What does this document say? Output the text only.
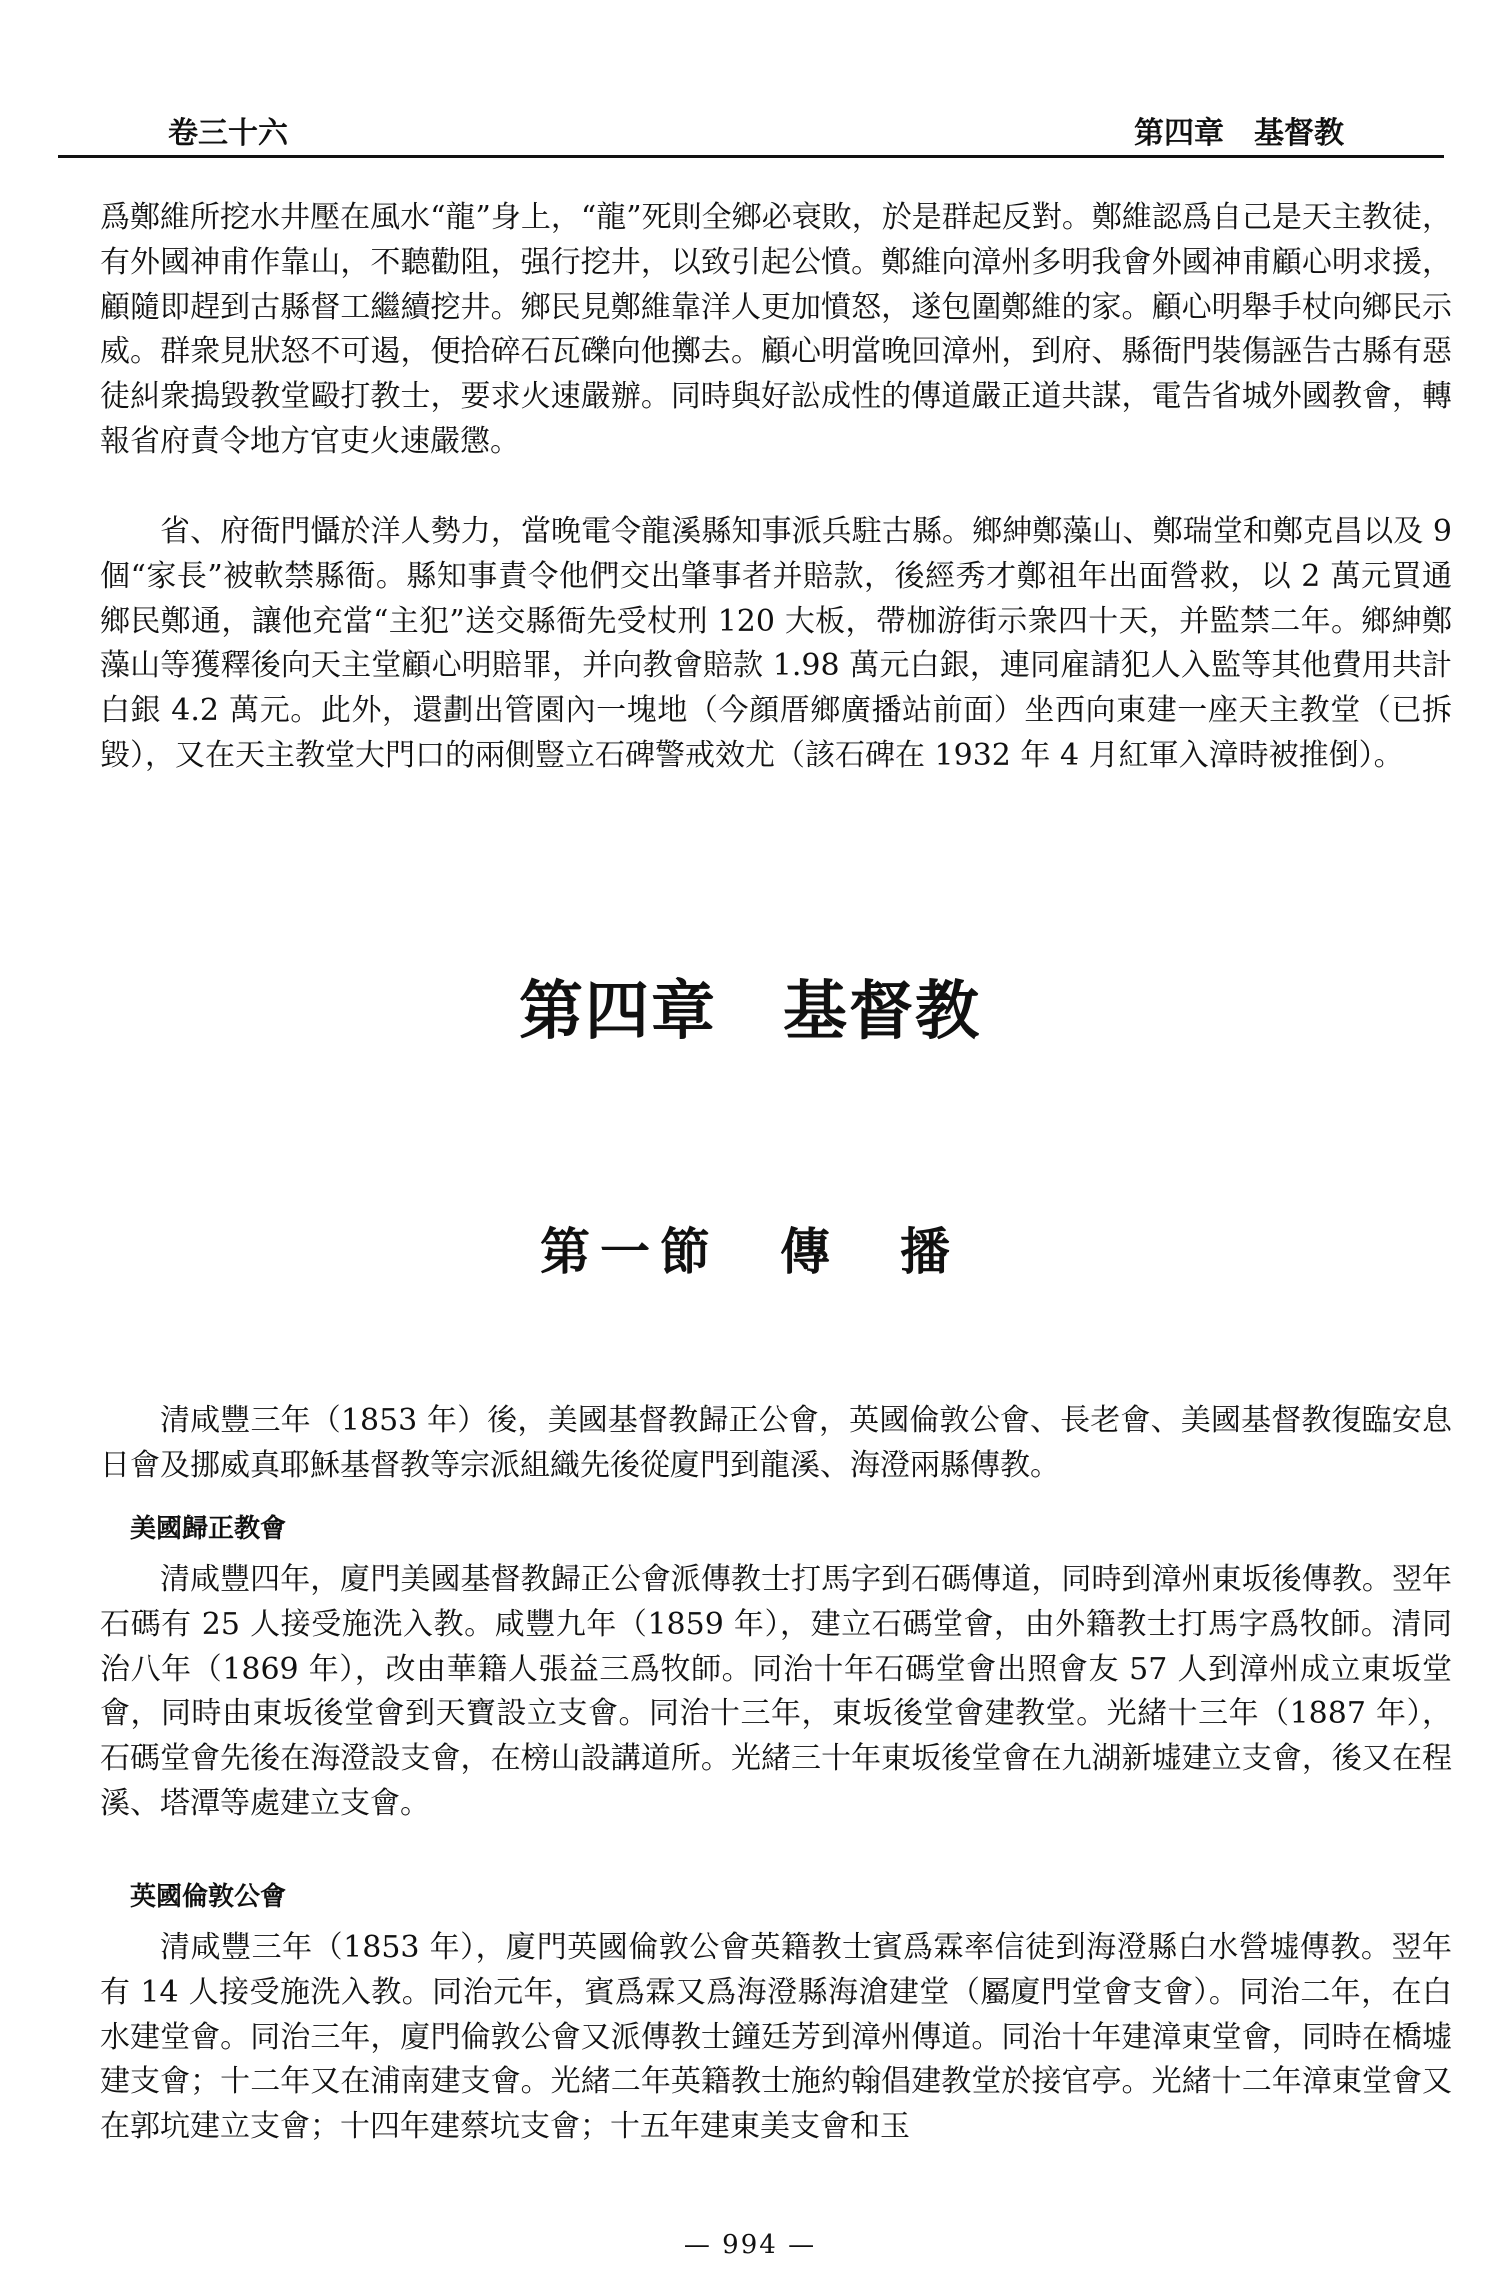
卷三十六	第四章　基督教

爲鄭維所挖水井壓在風水“龍”身上，“龍”死則全鄉必衰敗，於是群起反對。鄭維認爲自己是天主教徒，有外國神甫作靠山，不聽勸阻，强行挖井，以致引起公憤。鄭維向漳州多明我會外國神甫顧心明求援，顧隨即趕到古縣督工繼續挖井。鄉民見鄭維靠洋人更加憤怒，遂包圍鄭維的家。顧心明舉手杖向鄉民示威。群衆見狀怒不可遏，便拾碎石瓦礫向他擲去。顧心明當晚回漳州，到府、縣衙門裝傷誣告古縣有惡徒糾衆搗毀教堂毆打教士，要求火速嚴辦。同時與好訟成性的傳道嚴正道共謀，電告省城外國教會，轉報省府責令地方官吏火速嚴懲。

省、府衙門懾於洋人勢力，當晚電令龍溪縣知事派兵駐古縣。鄉紳鄭藻山、鄭瑞堂和鄭克昌以及 9 個“家長”被軟禁縣衙。縣知事責令他們交出肇事者并賠款，後經秀才鄭祖年出面營救，以 2 萬元買通鄉民鄭通，讓他充當“主犯”送交縣衙先受杖刑 120 大板，帶枷游街示衆四十天，并監禁二年。鄉紳鄭藻山等獲釋後向天主堂顧心明賠罪，并向教會賠款 1.98 萬元白銀，連同雇請犯人入監等其他費用共計白銀 4.2 萬元。此外，還劃出管園內一塊地（今顔厝鄉廣播站前面）坐西向東建一座天主教堂（已拆毀），又在天主教堂大門口的兩側豎立石碑警戒效尤（該石碑在 1932 年 4 月紅軍入漳時被推倒）。

第四章　基督教
第一節　傳　播

清咸豐三年（1853 年）後，美國基督教歸正公會，英國倫敦公會、長老會、美國基督教復臨安息日會及挪威真耶穌基督教等宗派組織先後從廈門到龍溪、海澄兩縣傳教。

美國歸正教會

清咸豐四年，廈門美國基督教歸正公會派傳教士打馬字到石碼傳道，同時到漳州東坂後傳教。翌年石碼有 25 人接受施洗入教。咸豐九年（1859 年），建立石碼堂會，由外籍教士打馬字爲牧師。清同治八年（1869 年），改由華籍人張益三爲牧師。同治十年石碼堂會出照會友 57 人到漳州成立東坂堂會，同時由東坂後堂會到天寶設立支會。同治十三年，東坂後堂會建教堂。光緒十三年（1887 年），石碼堂會先後在海澄設支會，在榜山設講道所。光緒三十年東坂後堂會在九湖新墟建立支會，後又在程溪、塔潭等處建立支會。

英國倫敦公會

清咸豐三年（1853 年），廈門英國倫敦公會英籍教士賓爲霖率信徒到海澄縣白水營墟傳教。翌年有 14 人接受施洗入教。同治元年，賓爲霖又爲海澄縣海滄建堂（屬廈門堂會支會）。同治二年，在白水建堂會。同治三年，廈門倫敦公會又派傳教士鐘廷芳到漳州傳道。同治十年建漳東堂會，同時在橋墟建支會；十二年又在浦南建支會。光緒二年英籍教士施約翰倡建教堂於接官亭。光緒十二年漳東堂會又在郭坑建立支會；十四年建蔡坑支會；十五年建東美支會和玉

— 994 —
